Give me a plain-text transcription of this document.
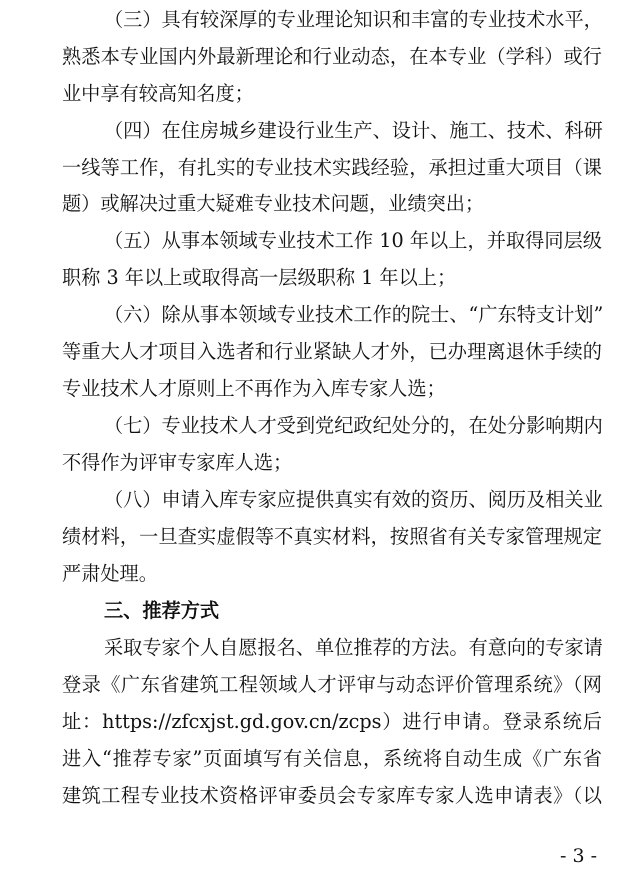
（三）具有较深厚的专业理论知识和丰富的专业技术水平，
熟悉本专业国内外最新理论和行业动态，在本专业（学科）或行
业中享有较高知名度；
（四）在住房城乡建设行业生产、设计、施工、技术、科研
一线等工作，有扎实的专业技术实践经验，承担过重大项目（课
题）或解决过重大疑难专业技术问题，业绩突出；
（五）从事本领域专业技术工作 10 年以上，并取得同层级
职称 3 年以上或取得高一层级职称 1 年以上；
（六）除从事本领域专业技术工作的院士、“广东特支计划”
等重大人才项目入选者和行业紧缺人才外，已办理离退休手续的
专业技术人才原则上不再作为入库专家人选；
（七）专业技术人才受到党纪政纪处分的，在处分影响期内
不得作为评审专家库人选；
（八）申请入库专家应提供真实有效的资历、阅历及相关业
绩材料，一旦查实虚假等不真实材料，按照省有关专家管理规定
严肃处理。
三、推荐方式
采取专家个人自愿报名、单位推荐的方法。有意向的专家请
登录《广东省建筑工程领域人才评审与动态评价管理系统》（网
址：https://zfcxjst.gd.gov.cn/zcps）进行申请。登录系统后
进入“推荐专家”页面填写有关信息，系统将自动生成《广东省
建筑工程专业技术资格评审委员会专家库专家人选申请表》（以
- 3 -
